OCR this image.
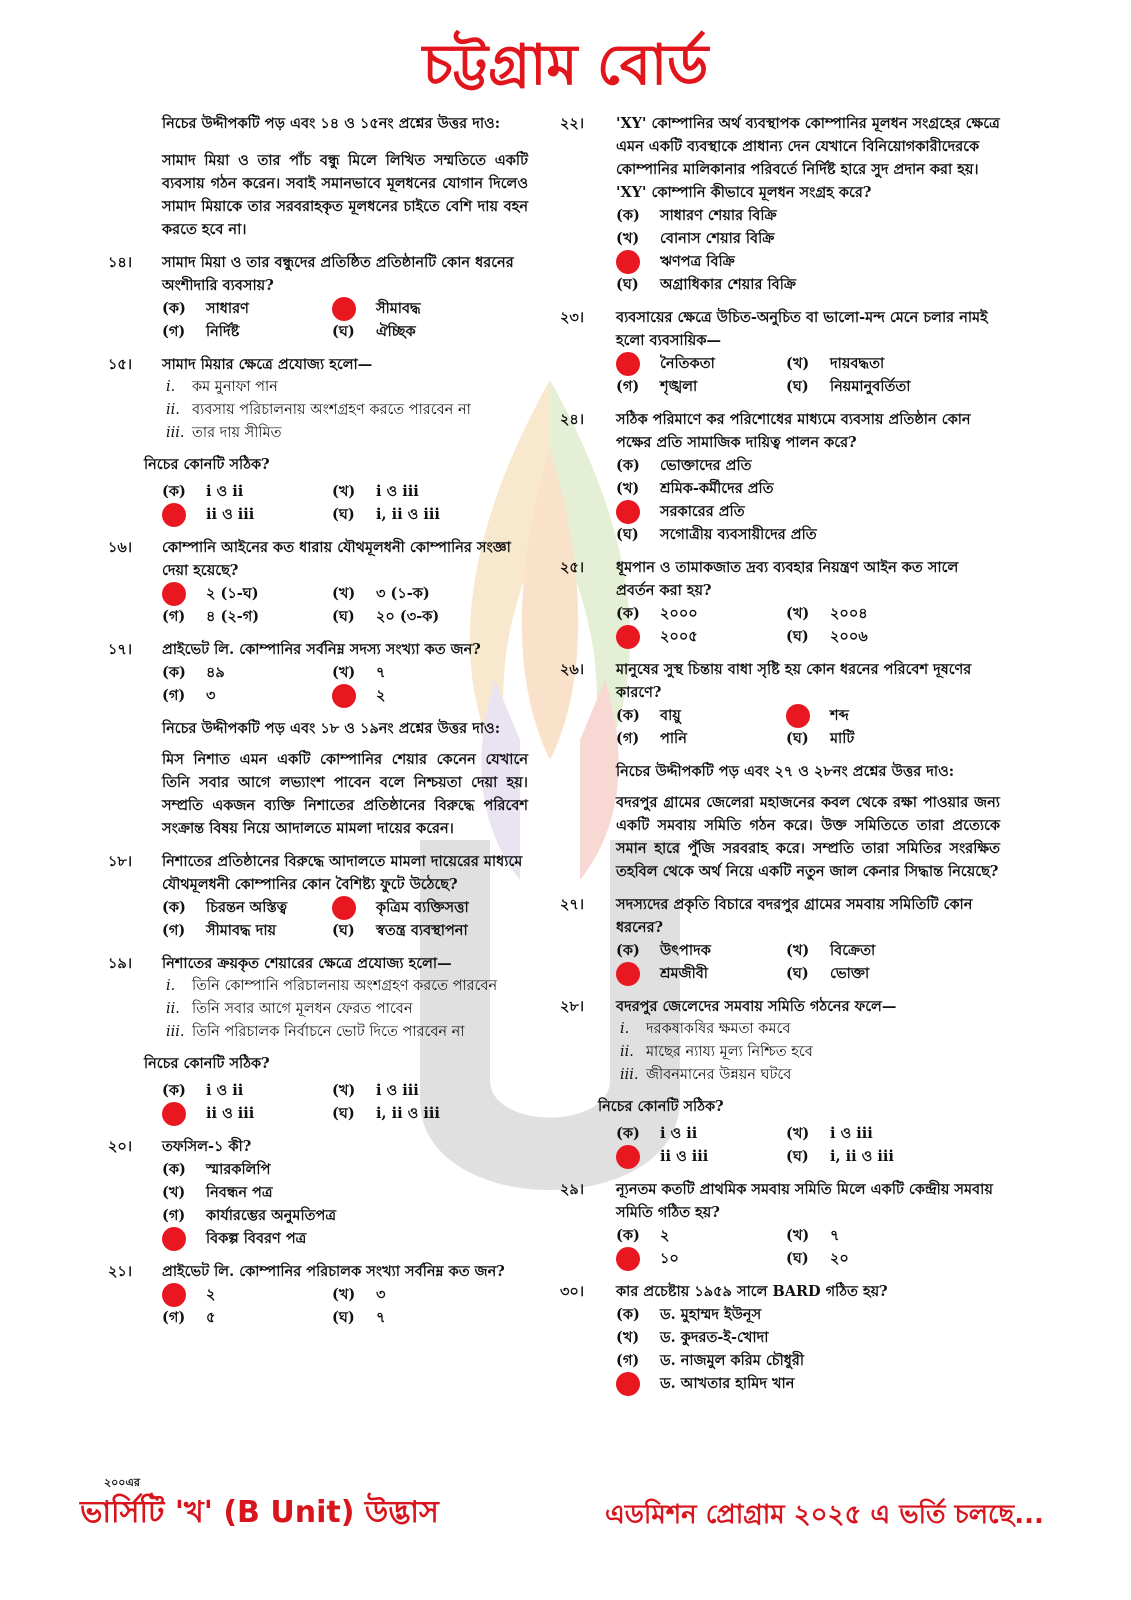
চট্টগ্রাম বোর্ড
নিচের উদ্দীপকটি পড় এবং ১৪ ও ১৫নং প্রশ্নের উত্তর দাও:
সামাদ মিয়া ও তার পাঁচ বন্ধু মিলে লিখিত সম্মতিতে একটি ব্যবসায় গঠন করেন। সবাই সমানভাবে মূলধনের যোগান দিলেও সামাদ মিয়াকে তার সরবরাহকৃত মূলধনের চাইতে বেশি দায় বহন করতে হবে না।
১৪।	সামাদ মিয়া ও তার বন্ধুদের প্রতিষ্ঠিত প্রতিষ্ঠানটি কোন ধরনের অংশীদারি ব্যবসায়?
(ক)	সাধারণ	সীমাবদ্ধ
(গ)	নির্দিষ্ট	(ঘ)	ঐচ্ছিক
১৫।	সামাদ মিয়ার ক্ষেত্রে প্রযোজ্য হলো—
i. কম মুনাফা পান
ii. ব্যবসায় পরিচালনায় অংশগ্রহণ করতে পারবেন না
iii. তার দায় সীমিত
নিচের কোনটি সঠিক?
(ক)	i ও ii	(খ)	i ও iii
ii ও iii	(ঘ)	i, ii ও iii
১৬।	কোম্পানি আইনের কত ধারায় যৌথমূলধনী কোম্পানির সংজ্ঞা দেয়া হয়েছে?
২ (১-ঘ)	(খ)	৩ (১-ক)
(গ)	৪ (২-গ)	(ঘ)	২০ (৩-ক)
১৭।	প্রাইভেট লি. কোম্পানির সর্বনিম্ন সদস্য সংখ্যা কত জন?
(ক)	৪৯	(খ)	৭
(গ)	৩	২
নিচের উদ্দীপকটি পড় এবং ১৮ ও ১৯নং প্রশ্নের উত্তর দাও:
মিস নিশাত এমন একটি কোম্পানির শেয়ার কেনেন যেখানে তিনি সবার আগে লভ্যাংশ পাবেন বলে নিশ্চয়তা দেয়া হয়। সম্প্রতি একজন ব্যক্তি নিশাতের প্রতিষ্ঠানের বিরুদ্ধে পরিবেশ সংক্রান্ত বিষয় নিয়ে আদালতে মামলা দায়ের করেন।
১৮।	নিশাতের প্রতিষ্ঠানের বিরুদ্ধে আদালতে মামলা দায়েরের মাধ্যমে যৌথমূলধনী কোম্পানির কোন বৈশিষ্ট্য ফুটে উঠেছে?
(ক)	চিরন্তন অস্তিত্ব	কৃত্রিম ব্যক্তিসত্তা
(গ)	সীমাবদ্ধ দায়	(ঘ)	স্বতন্ত্র ব্যবস্থাপনা
১৯।	নিশাতের ক্রয়কৃত শেয়ারের ক্ষেত্রে প্রযোজ্য হলো—
i. তিনি কোম্পানি পরিচালনায় অংশগ্রহণ করতে পারবেন
ii. তিনি সবার আগে মূলধন ফেরত পাবেন
iii. তিনি পরিচালক নির্বাচনে ভোট দিতে পারবেন না
নিচের কোনটি সঠিক?
(ক)	i ও ii	(খ)	i ও iii
ii ও iii	(ঘ)	i, ii ও iii
২০।	তফসিল-১ কী?
(ক)	স্মারকলিপি
(খ)	নিবন্ধন পত্র
(গ)	কার্যারম্ভের অনুমতিপত্র
বিকল্প বিবরণ পত্র
২১।	প্রাইভেট লি. কোম্পানির পরিচালক সংখ্যা সর্বনিম্ন কত জন?
২	(খ)	৩
(গ)	৫	(ঘ)	৭
২২।	'XY' কোম্পানির অর্থ ব্যবস্থাপক কোম্পানির মূলধন সংগ্রহের ক্ষেত্রে এমন একটি ব্যবস্থাকে প্রাধান্য দেন যেখানে বিনিয়োগকারীদেরকে কোম্পানির মালিকানার পরিবর্তে নির্দিষ্ট হারে সুদ প্রদান করা হয়। 'XY' কোম্পানি কীভাবে মূলধন সংগ্রহ করে?
(ক)	সাধারণ শেয়ার বিক্রি
(খ)	বোনাস শেয়ার বিক্রি
ঋণপত্র বিক্রি
(ঘ)	অগ্রাধিকার শেয়ার বিক্রি
২৩।	ব্যবসায়ের ক্ষেত্রে উচিত-অনুচিত বা ভালো-মন্দ মেনে চলার নামই হলো ব্যবসায়িক—
নৈতিকতা	(খ)	দায়বদ্ধতা
(গ)	শৃঙ্খলা	(ঘ)	নিয়মানুবর্তিতা
২৪।	সঠিক পরিমাণে কর পরিশোধের মাধ্যমে ব্যবসায় প্রতিষ্ঠান কোন পক্ষের প্রতি সামাজিক দায়িত্ব পালন করে?
(ক)	ভোক্তাদের প্রতি
(খ)	শ্রমিক-কর্মীদের প্রতি
সরকারের প্রতি
(ঘ)	সগোত্রীয় ব্যবসায়ীদের প্রতি
২৫।	ধূমপান ও তামাকজাত দ্রব্য ব্যবহার নিয়ন্ত্রণ আইন কত সালে প্রবর্তন করা হয়?
(ক)	২০০০	(খ)	২০০৪
২০০৫	(ঘ)	২০০৬
২৬।	মানুষের সুস্থ চিন্তায় বাধা সৃষ্টি হয় কোন ধরনের পরিবেশ দূষণের কারণে?
(ক)	বায়ু	শব্দ
(গ)	পানি	(ঘ)	মাটি
নিচের উদ্দীপকটি পড় এবং ২৭ ও ২৮নং প্রশ্নের উত্তর দাও:
বদরপুর গ্রামের জেলেরা মহাজনের কবল থেকে রক্ষা পাওয়ার জন্য একটি সমবায় সমিতি গঠন করে। উক্ত সমিতিতে তারা প্রত্যেকে সমান হারে পুঁজি সরবরাহ করে। সম্প্রতি তারা সমিতির সংরক্ষিত তহবিল থেকে অর্থ নিয়ে একটি নতুন জাল কেনার সিদ্ধান্ত নিয়েছে?
২৭।	সদস্যদের প্রকৃতি বিচারে বদরপুর গ্রামের সমবায় সমিতিটি কোন ধরনের?
(ক)	উৎপাদক	(খ)	বিক্রেতা
শ্রমজীবী	(ঘ)	ভোক্তা
২৮।	বদরপুর জেলেদের সমবায় সমিতি গঠনের ফলে—
i. দরকষাকষির ক্ষমতা কমবে
ii. মাছের ন্যায্য মূল্য নিশ্চিত হবে
iii. জীবনমানের উন্নয়ন ঘটবে
নিচের কোনটি সঠিক?
(ক)	i ও ii	(খ)	i ও iii
ii ও iii	(ঘ)	i, ii ও iii
২৯।	ন্যূনতম কতটি প্রাথমিক সমবায় সমিতি মিলে একটি কেন্দ্রীয় সমবায় সমিতি গঠিত হয়?
(ক)	২	(খ)	৭
১০	(ঘ)	২০
৩০।	কার প্রচেষ্টায় ১৯৫৯ সালে BARD গঠিত হয়?
(ক)	ড. মুহাম্মদ ইউনূস
(খ)	ড. কুদরত-ই-খোদা
(গ)	ড. নাজমুল করিম চৌধুরী
ড. আখতার হামিদ খান
২০০এর
ভার্সিটি 'খ' (B Unit) উদ্ভাস	এডমিশন প্রোগ্রাম ২০২৫ এ ভর্তি চলছে...
